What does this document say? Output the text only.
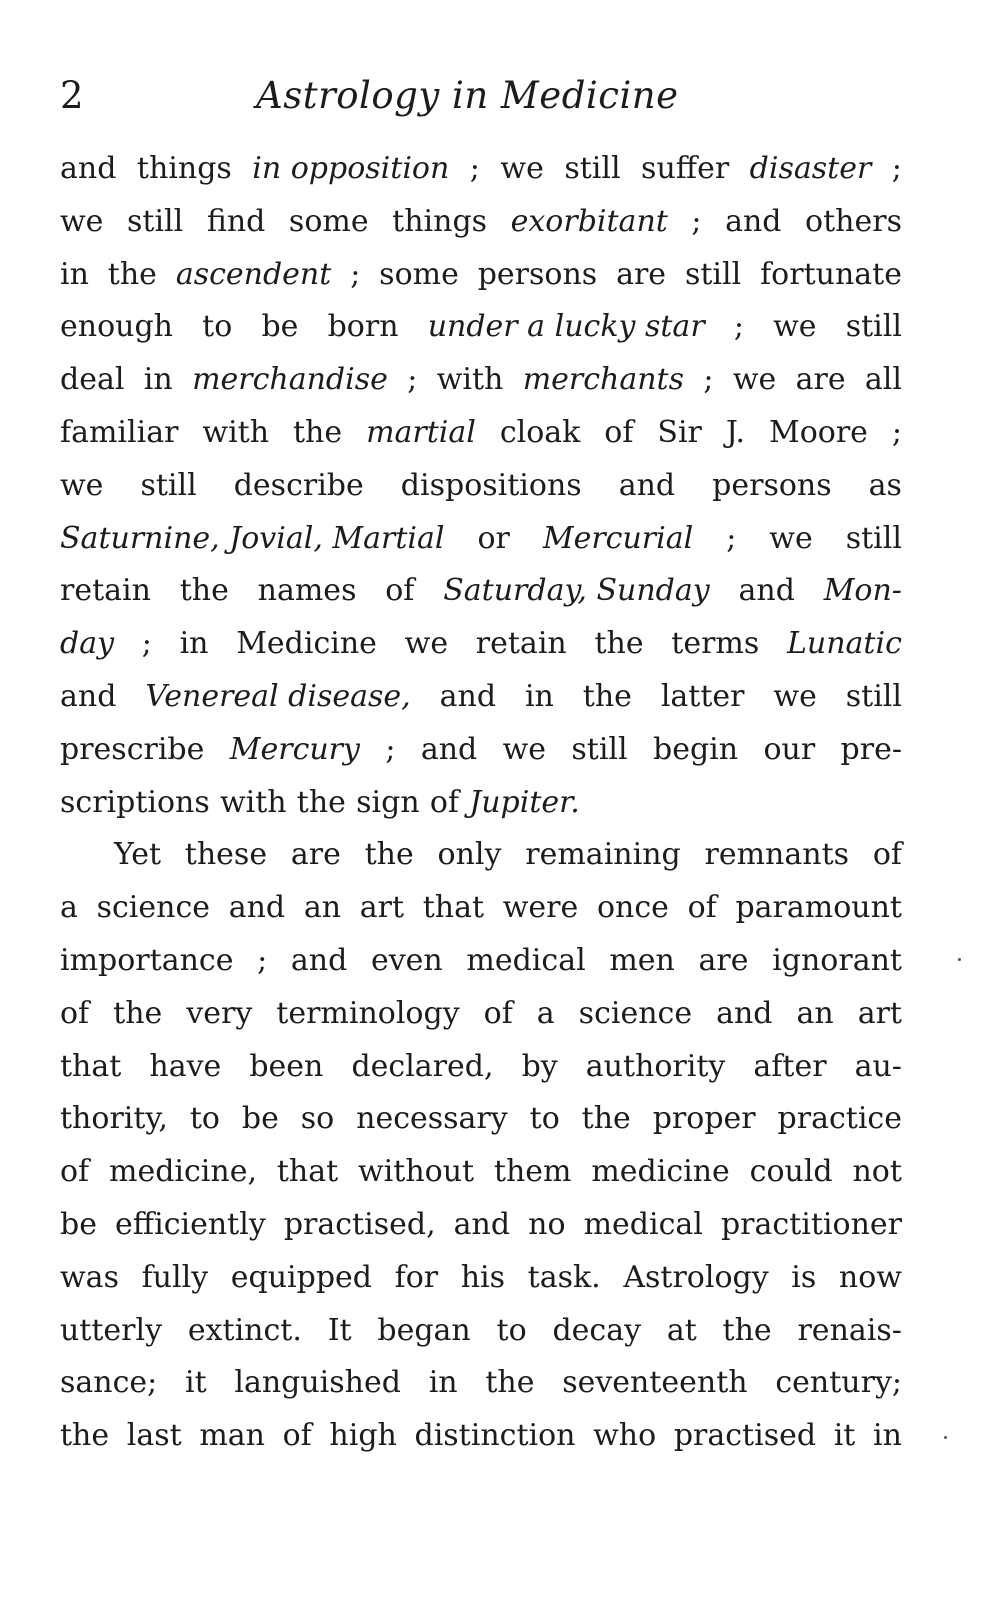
2	Astrology in Medicine
and things in opposition ; we still suffer disaster ;
we still find some things exorbitant ; and others
in the ascendent ; some persons are still fortunate
enough to be born under a lucky star ; we still
deal in merchandise ; with merchants ; we are all
familiar with the martial cloak of Sir J. Moore ;
we still describe dispositions and persons as
Saturnine, Jovial, Martial or Mercurial ; we still
retain the names of Saturday, Sunday and Mon-
day ; in Medicine we retain the terms Lunatic
and Venereal disease, and in the latter we still
prescribe Mercury ; and we still begin our pre-
scriptions with the sign of Jupiter.
Yet these are the only remaining remnants of
a science and an art that were once of paramount
importance ; and even medical men are ignorant
of the very terminology of a science and an art
that have been declared, by authority after au-
thority, to be so necessary to the proper practice
of medicine, that without them medicine could not
be efficiently practised, and no medical practitioner
was fully equipped for his task. Astrology is now
utterly extinct. It began to decay at the renais-
sance; it languished in the seventeenth century;
the last man of high distinction who practised it in
